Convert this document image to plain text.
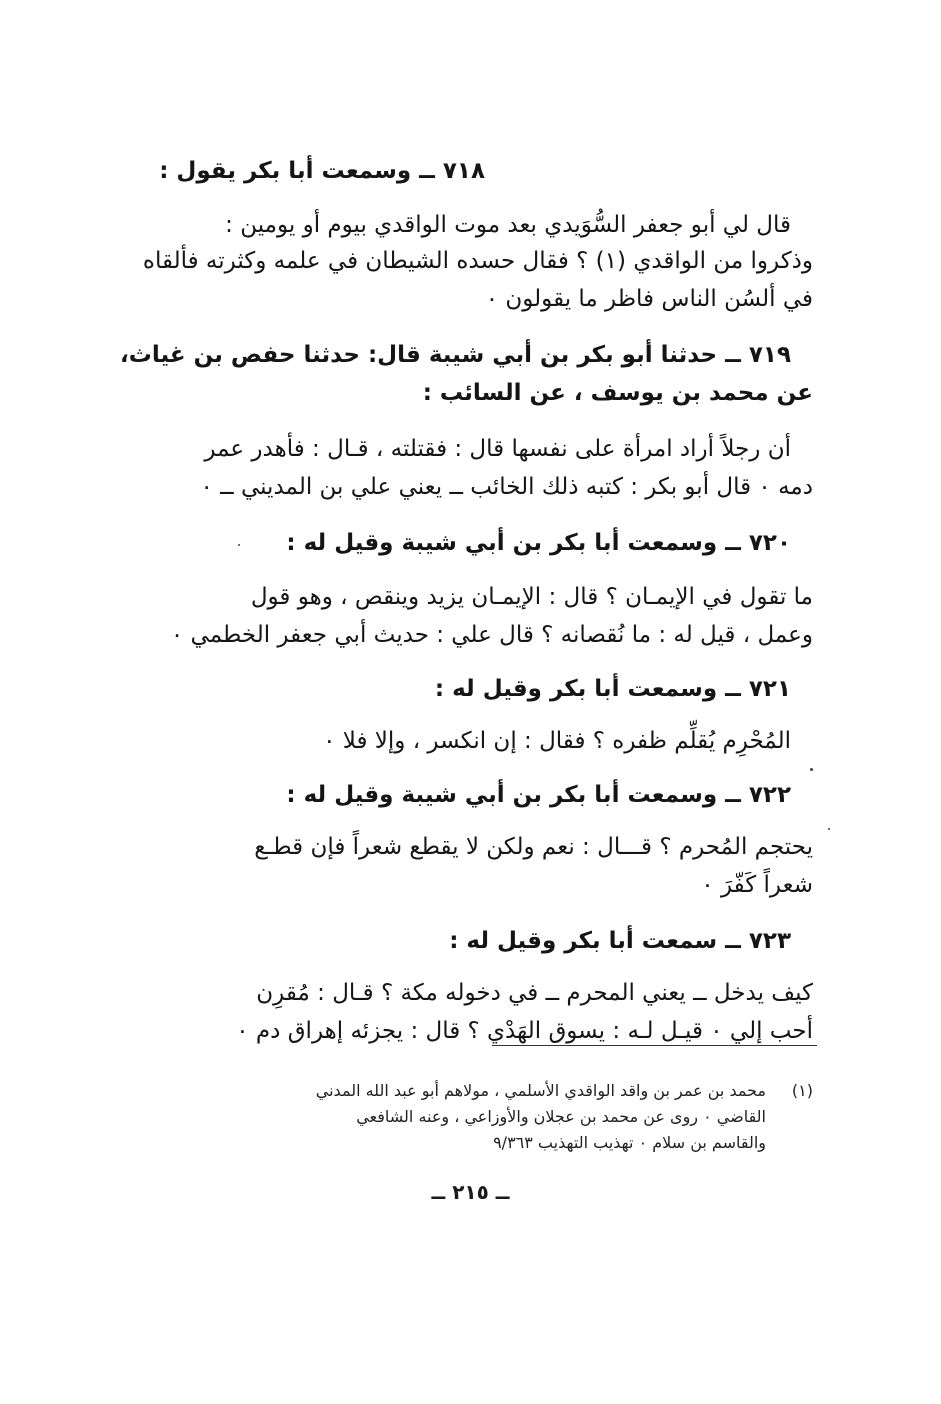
٧١٨ ــ وسمعت أبا بكر يقول :
قال لي أبو جعفر السُّوَيدي بعد موت الواقدي بيوم أو يومين :
وذكروا من الواقدي (١) ؟ فقال حسده الشيطان في علمه وكثرته فألقاه
في ألسُن الناس فاظر ما يقولون ٠
٧١٩ ــ حدثنا أبو بكر بن أبي شيبة قال: حدثنا حفص بن غياث،
عن محمد بن يوسف ، عن السائب :
أن رجلاً أراد امرأة على نفسها قال : فقتلته ، قـال : فأهدر عمر
دمه ٠ قال أبو بكر : كتبه ذلك الخائب ــ يعني علي بن المديني ــ ٠
٧٢٠ ــ وسمعت أبا بكر بن أبي شيبة وقيل له :
ما تقول في الإيمـان ؟ قال : الإيمـان يزيد وينقص ، وهو قول
وعمل ، قيل له : ما نُقصانه ؟ قال علي : حديث أبي جعفر الخطمي ٠
٧٢١ ــ وسمعت أبا بكر وقيل له :
المُحْرِم يُقلِّم ظفره ؟ فقال : إن انكسر ، وإلا فلا ٠
٧٢٢ ــ وسمعت أبا بكر بن أبي شيبة وقيل له :
يحتجم المُحرم ؟ قـــال : نعم ولكن لا يقطع شعراً فإن قطـع
شعراً كَفّرَ ٠
٧٢٣ ــ سمعت أبا بكر وقيل له :
كيف يدخل ــ يعني المحرم ــ في دخوله مكة ؟ قـال : مُقرِن
أحب إلي ٠ قيـل لـه : يسوق الهَدْي ؟ قال : يجزئه إهراق دم ٠
(١)
محمد بن عمر بن واقد الواقدي الأسلمي ، مولاهم أبو عبد الله المدني
القاضي ٠ روى عن محمد بن عجلان والأوزاعي ، وعنه الشافعي
والقاسم بن سلام ٠ تهذيب التهذيب ٩/٣٦٣
ــ ٢١٥ ــ
